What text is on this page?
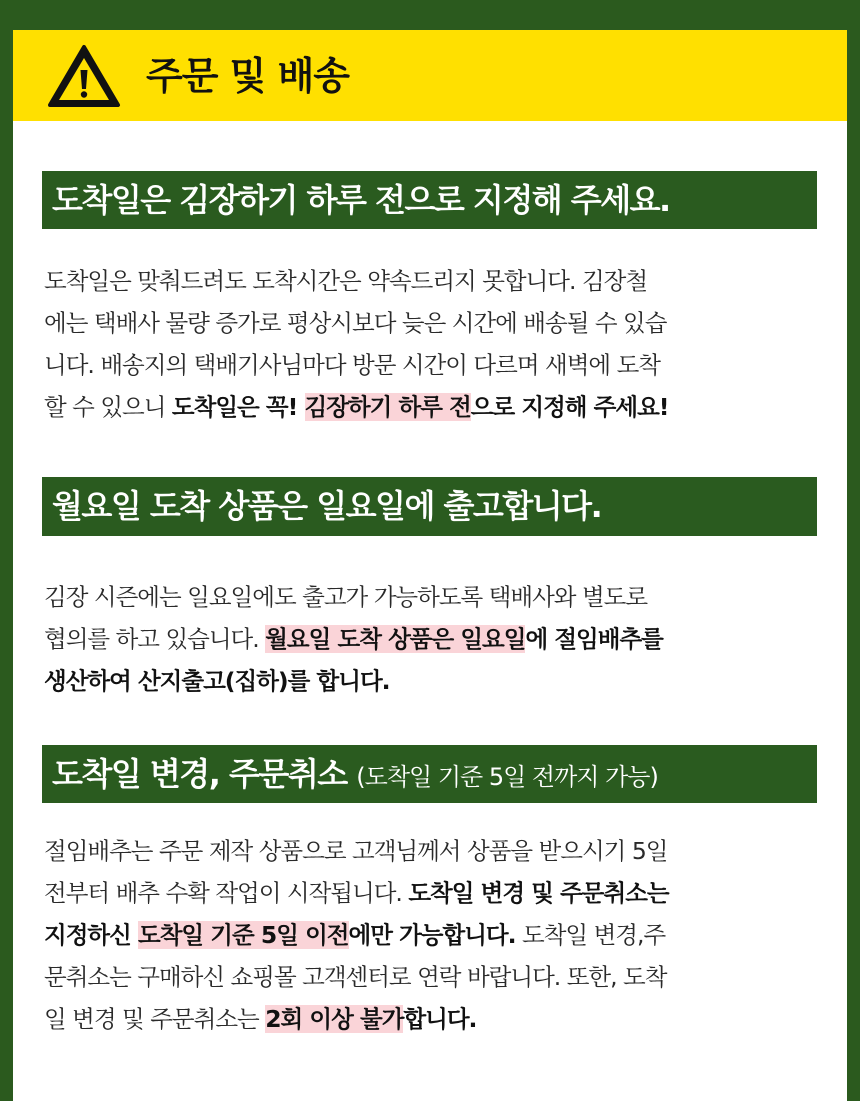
주문 및 배송
도착일은 김장하기 하루 전으로 지정해 주세요.
도착일은 맞춰드려도 도착시간은 약속드리지 못합니다. 김장철
에는 택배사 물량 증가로 평상시보다 늦은 시간에 배송될 수 있습
니다. 배송지의 택배기사님마다 방문 시간이 다르며 새벽에 도착
할 수 있으니 도착일은 꼭! 김장하기 하루 전으로 지정해 주세요!
월요일 도착 상품은 일요일에 출고합니다.
김장 시즌에는 일요일에도 출고가 가능하도록 택배사와 별도로
협의를 하고 있습니다. 월요일 도착 상품은 일요일에 절임배추를
생산하여 산지출고(집하)를 합니다.
도착일 변경, 주문취소 (도착일 기준 5일 전까지 가능)
절임배추는 주문 제작 상품으로 고객님께서 상품을 받으시기 5일
전부터 배추 수확 작업이 시작됩니다. 도착일 변경 및 주문취소는
지정하신 도착일 기준 5일 이전에만 가능합니다. 도착일 변경,주
문취소는 구매하신 쇼핑몰 고객센터로 연락 바랍니다. 또한, 도착
일 변경 및 주문취소는 2회 이상 불가합니다.
